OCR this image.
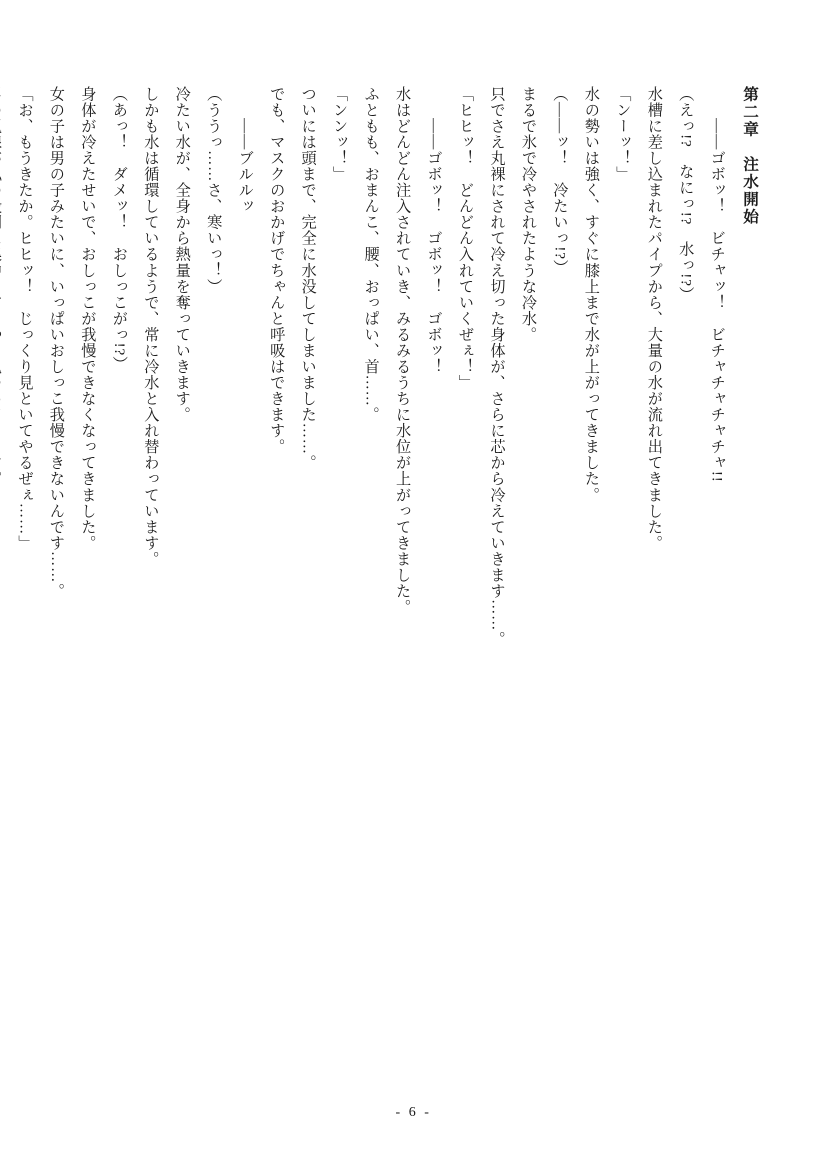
第二章　注水開始
　　――ゴボッ！　ビチャッ！　ビチャチャチャチャ!!
（えっ!?　なにっ!?　水っ!?）
水槽に差し込まれたパイプから、大量の水が流れ出てきました。
「ンーッ！」
水の勢いは強く、すぐに膝上まで水が上がってきました。
（――ッ！　冷たいっ!?）
まるで氷で冷やされたような冷水。
只でさえ丸裸にされて冷え切った身体が、さらに芯から冷えていきます……。
「ヒヒッ！　どんどん入れていくぜぇ！」
　　――ゴボッ！　ゴボッ！　ゴボッ！
水はどんどん注入されていき、みるみるうちに水位が上がってきました。
ふともも、おまんこ、腰、おっぱい、首……。
「ンンッ！」
ついには頭まで、完全に水没してしまいました……。
でも、マスクのおかげでちゃんと呼吸はできます。
　　――ブルルッ
（ううっ……さ、寒いっ！）
冷たい水が、全身から熱量を奪っていきます。
しかも水は循環しているようで、常に冷水と入れ替わっています。
（あっ！　ダメッ！　おしっこがっ!?）
身体が冷えたせいで、おしっこが我慢できなくなってきました。
女の子は男の子みたいに、いっぱいおしっこ我慢できないんです……。
「お、もうきたか。ヒヒッ！　じっくり見といてやるぜぇ……」
- 6 -
